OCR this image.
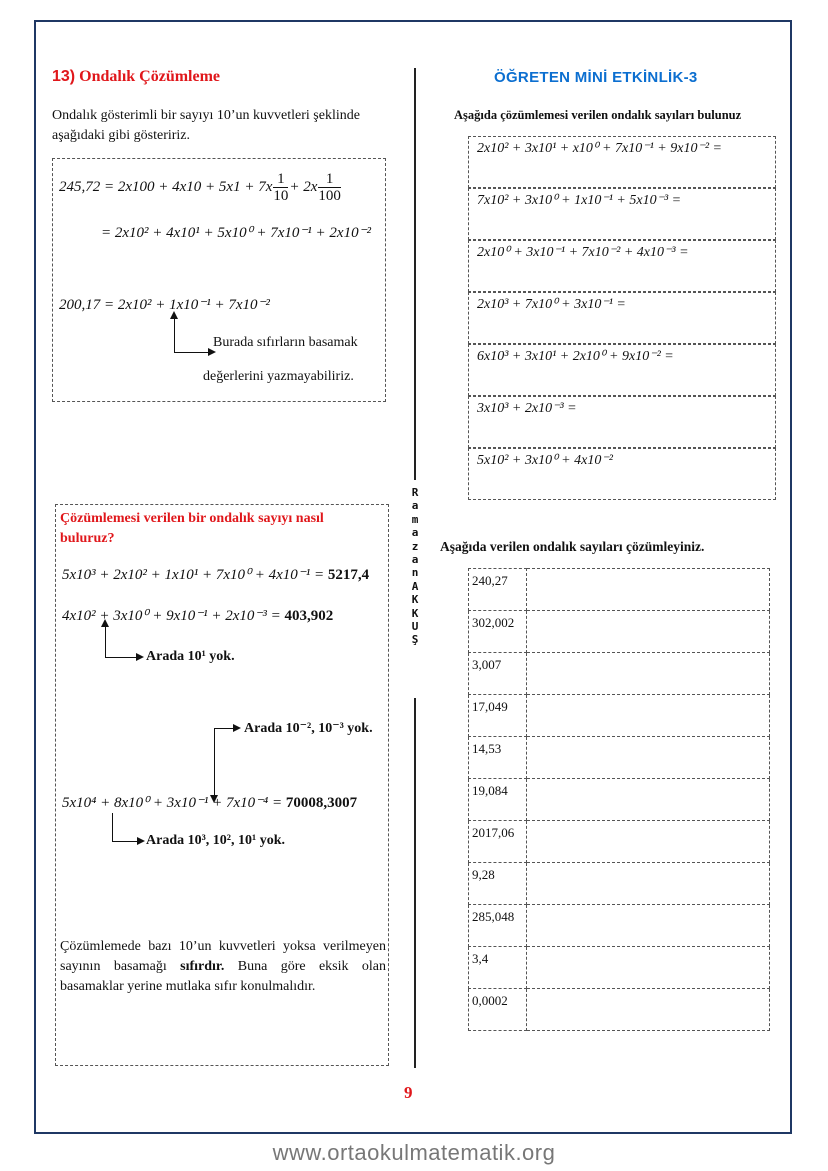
13) Ondalık Çözümleme
Ondalık gösterimli bir sayıyı 10’un kuvvetleri şeklinde aşağıdaki gibi gösteririz.
$245,72 = 2x100 + 4x10 + 5x1 + 7x \frac{1}{10} + 2x \frac{1}{100}$
= 2x10² + 4x10¹ + 5x10⁰ + 7x10⁻¹ + 2x10⁻²
200,17 = 2x10² + 1x10⁻¹ + 7x10⁻²
Burada sıfırların basamak
değerlerini yazmayabiliriz.
Çözümlemesi verilen bir ondalık sayıyı nasıl buluruz?
5x10³ + 2x10² + 1x10¹ + 7x10⁰ + 4x10⁻¹ = 5217,4
4x10² + 3x10⁰ + 9x10⁻¹ + 2x10⁻³ = 403,902
Arada 10¹ yok.
Arada 10⁻², 10⁻³ yok.
5x10⁴ + 8x10⁰ + 3x10⁻¹ + 7x10⁻⁴ = 70008,3007
Arada 10³, 10², 10¹ yok.
Çözümlemede bazı 10’un kuvvetleri yoksa verilmeyen sayının basamağı sıfırdır. Buna göre eksik olan basamaklar yerine mutlaka sıfır konulmalıdır.
R
a
m
a
z
a
n
A
K
K
U
Ş
ÖĞRETEN MİNİ ETKİNLİK-3
Aşağıda çözümlemesi verilen ondalık sayıları bulunuz
2x10² + 3x10¹ + x10⁰ + 7x10⁻¹ + 9x10⁻² =
7x10² + 3x10⁰ + 1x10⁻¹ + 5x10⁻³ =
2x10⁰ + 3x10⁻¹ + 7x10⁻² + 4x10⁻³ =
2x10³ + 7x10⁰ + 3x10⁻¹ =
6x10³ + 3x10¹ + 2x10⁰ + 9x10⁻² =
3x10³ + 2x10⁻³ =
5x10² + 3x10⁰ + 4x10⁻²
Aşağıda verilen ondalık sayıları çözümleyiniz.
240,27	
302,002	
3,007	
17,049	
14,53	
19,084	
2017,06	
9,28	
285,048	
3,4	
0,0002	
9
www.ortaokulmatematik.org
